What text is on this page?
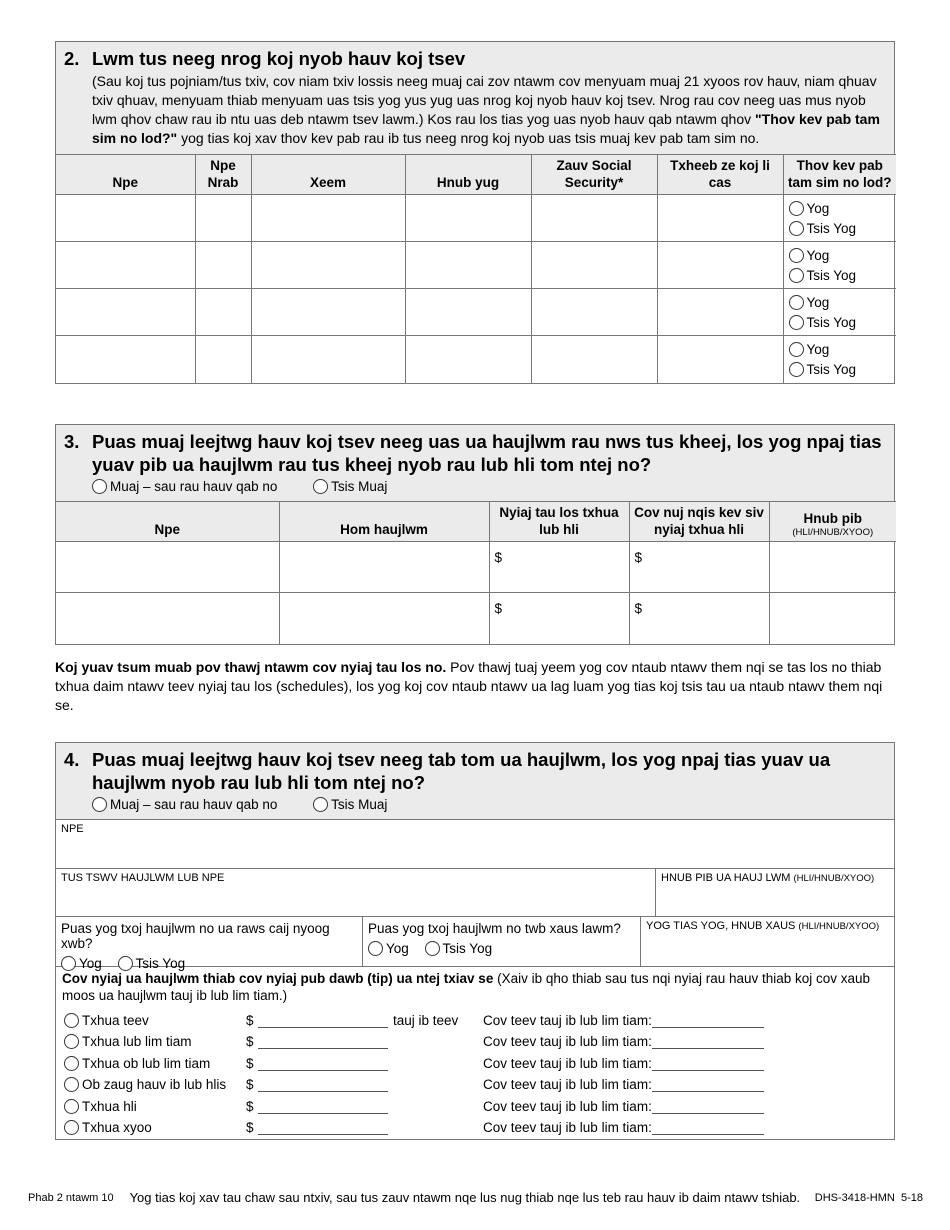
2. Lwm tus neeg nrog koj nyob hauv koj tsev
(Sau koj tus pojniam/tus txiv, cov niam txiv lossis neeg muaj cai zov ntawm cov menyuam muaj 21 xyoos rov hauv, niam qhuav txiv qhuav, menyuam thiab menyuam uas tsis yog yus yug uas nrog koj nyob hauv koj tsev. Nrog rau cov neeg uas mus nyob lwm qhov chaw rau ib ntu uas deb ntawm tsev lawm.) Kos rau los tias yog uas nyob hauv qab ntawm qhov "Thov kev pab tam sim no lod?" yog tias koj xav thov kev pab rau ib tus neeg nrog koj nyob uas tsis muaj kev pab tam sim no.
Npe	Npe Nrab	Xeem	Hnub yug	Zauv Social Security*	Txheeb ze koj li cas	Thov kev pab tam sim no lod?

						Yog
Tsis Yog

						Yog
Tsis Yog

						Yog
Tsis Yog

						Yog
Tsis Yog
3. Puas muaj leejtwg hauv koj tsev neeg uas ua haujlwm rau nws tus kheej, los yog npaj tias yuav pib ua haujlwm rau tus kheej nyob rau lub hli tom ntej no?
Muaj – sau rau hauv qab no
	Tsis Muaj
Npe	Hom haujlwm	Nyiaj tau los txhua lub hli	Cov nuj nqis kev siv nyiaj txhua hli	Hnub pib
(HLI/HNUB/XYOO)

		$	$	
		$	$	
Koj yuav tsum muab pov thawj ntawm cov nyiaj tau los no. Pov thawj tuaj yeem yog cov ntaub ntawv them nqi se tas los no thiab txhua daim ntawv teev nyiaj tau los (schedules), los yog koj cov ntaub ntawv ua lag luam yog tias koj tsis tau ua ntaub ntawv them nqi se.
4. Puas muaj leejtwg hauv koj tsev neeg tab tom ua haujlwm, los yog npaj tias yuav ua haujlwm nyob rau lub hli tom ntej no?
Muaj – sau rau hauv qab no
	Tsis Muaj
NPE
TUS TSWV HAUJLWM LUB NPE	HNUB PIB UA HAUJ LWM (HLI/HNUB/XYOO)
Puas yog txoj haujlwm no ua raws caij nyoog xwb?
Yog
	Tsis Yog
Puas yog txoj haujlwm no twb xaus lawm?
Yog
	Tsis Yog
YOG TIAS YOG, HNUB XAUS (HLI/HNUB/XYOO)
Cov nyiaj ua haujlwm thiab cov nyiaj pub dawb (tip) ua ntej txiav se (Xaiv ib qho thiab sau tus nqi nyiaj rau hauv thiab koj cov xaub moos ua haujlwm tauj ib lub lim tiam.)
Txhua teev	$	tauj ib teev	Cov teev tauj ib lub lim tiam:
Txhua lub lim tiam	$	Cov teev tauj ib lub lim tiam:
Txhua ob lub lim tiam	$	Cov teev tauj ib lub lim tiam:
Ob zaug hauv ib lub hlis $	Cov teev tauj ib lub lim tiam:
Txhua hli	$	Cov teev tauj ib lub lim tiam:
Txhua xyoo	$	Cov teev tauj ib lub lim tiam:
Phab 2 ntawm 10	Yog tias koj xav tau chaw sau ntxiv, sau tus zauv ntawm nqe lus nug thiab nqe lus teb rau hauv ib daim ntawv tshiab.	DHS-3418-HMN 5-18
